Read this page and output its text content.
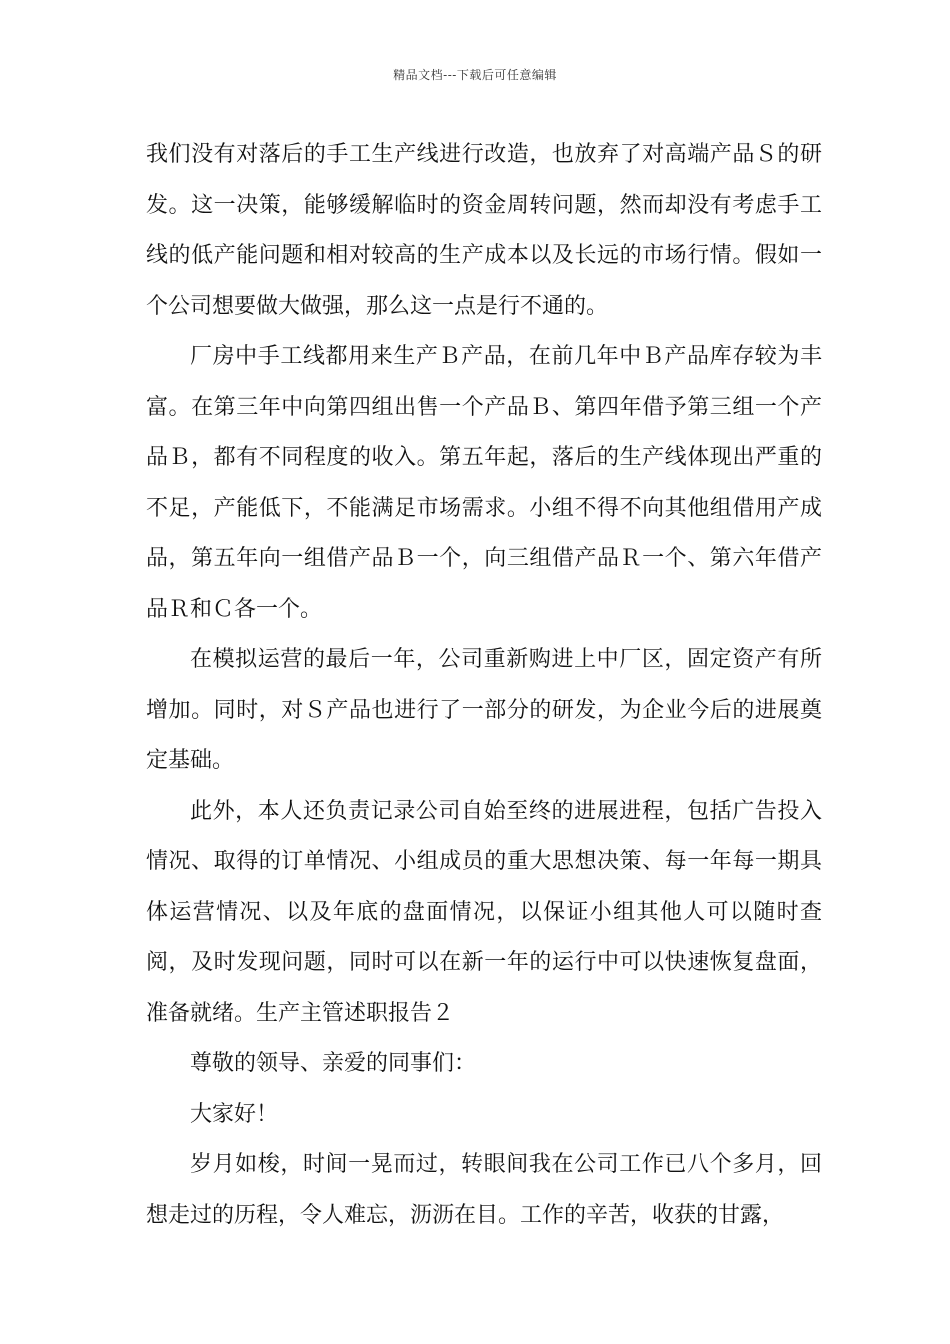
精品文档---下载后可任意编辑

我们没有对落后的手工生产线进行改造，也放弃了对高端产品Ｓ的研发。这一决策，能够缓解临时的资金周转问题，然而却没有考虑手工线的低产能问题和相对较高的生产成本以及长远的市场行情。假如一个公司想要做大做强，那么这一点是行不通的。

厂房中手工线都用来生产Ｂ产品，在前几年中Ｂ产品库存较为丰富。在第三年中向第四组出售一个产品Ｂ、第四年借予第三组一个产品Ｂ，都有不同程度的收入。第五年起，落后的生产线体现出严重的不足，产能低下，不能满足市场需求。小组不得不向其他组借用产成品，第五年向一组借产品Ｂ一个，向三组借产品Ｒ一个、第六年借产品Ｒ和Ｃ各一个。

在模拟运营的最后一年，公司重新购进上中厂区，固定资产有所增加。同时，对Ｓ产品也进行了一部分的研发，为企业今后的进展奠定基础。

此外，本人还负责记录公司自始至终的进展进程，包括广告投入情况、取得的订单情况、小组成员的重大思想决策、每一年每一期具体运营情况、以及年底的盘面情况，以保证小组其他人可以随时查阅，及时发现问题，同时可以在新一年的运行中可以快速恢复盘面，准备就绪。生产主管述职报告２

尊敬的领导、亲爱的同事们：

大家好！

岁月如梭，时间一晃而过，转眼间我在公司工作已八个多月，回想走过的历程，令人难忘，沥沥在目。工作的辛苦，收获的甘露，
